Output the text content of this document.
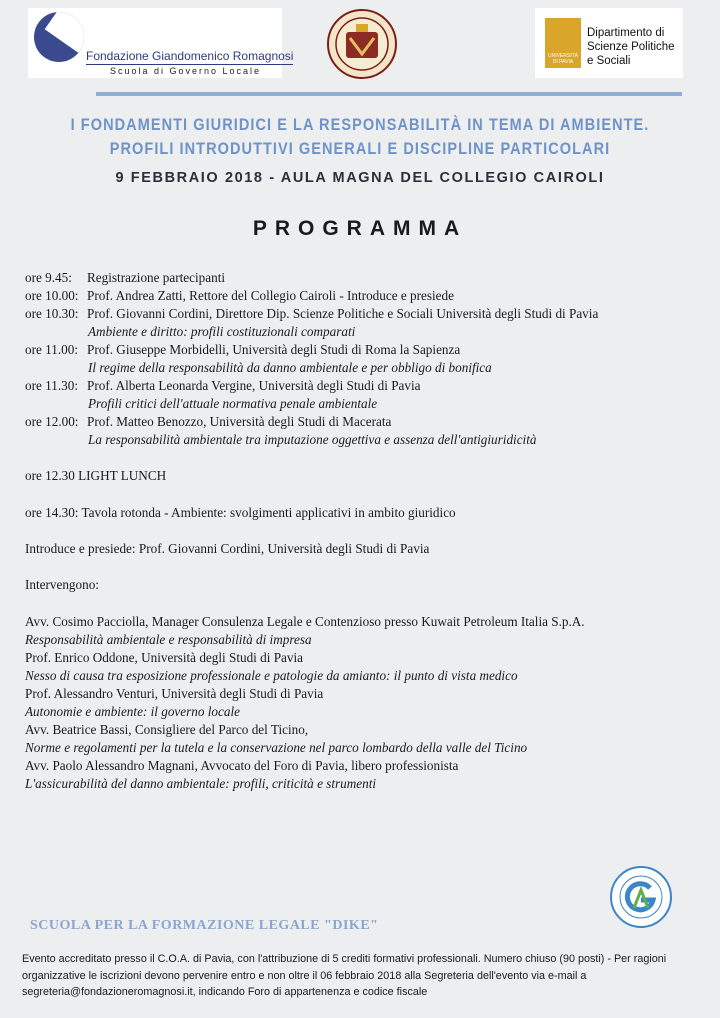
Fondazione Giandomenico Romagnosi
Scuola di Governo Locale
UNIVERSITÀ DI PAVIA
Dipartimento di
Scienze Politiche e Sociali
I FONDAMENTI GIURIDICI E LA RESPONSABILITÀ IN TEMA DI AMBIENTE.
PROFILI INTRODUTTIVI GENERALI E DISCIPLINE PARTICOLARI
9 FEBBRAIO 2018 - AULA MAGNA DEL COLLEGIO CAIROLI
PROGRAMMA
ore 9.45: Registrazione partecipanti
ore 10.00: Prof. Andrea Zatti, Rettore del Collegio Cairoli - Introduce e presiede
ore 10.30: Prof. Giovanni Cordini, Direttore Dip. Scienze Politiche e Sociali Università degli Studi di Pavia
Ambiente e diritto: profili costituzionali comparati
ore 11.00: Prof. Giuseppe Morbidelli, Università degli Studi di Roma la Sapienza
Il regime della responsabilità da danno ambientale e per obbligo di bonifica
ore 11.30: Prof. Alberta Leonarda Vergine, Università degli Studi di Pavia
Profili critici dell'attuale normativa penale ambientale
ore 12.00: Prof. Matteo Benozzo, Università degli Studi di Macerata
La responsabilità ambientale tra imputazione oggettiva e assenza dell'antigiuridicità
ore 12.30 LIGHT LUNCH
ore 14.30: Tavola rotonda - Ambiente: svolgimenti applicativi in ambito giuridico
Introduce e presiede: Prof. Giovanni Cordini, Università degli Studi di Pavia
Intervengono:
Avv. Cosimo Pacciolla, Manager Consulenza Legale e Contenzioso presso Kuwait Petroleum Italia S.p.A.
Responsabilità ambientale e responsabilità di impresa
Prof. Enrico Oddone, Università degli Studi di Pavia
Nesso di causa tra esposizione professionale e patologie da amianto: il punto di vista medico
Prof. Alessandro Venturi, Università degli Studi di Pavia
Autonomie e ambiente: il governo locale
Avv. Beatrice Bassi, Consigliere del Parco del Ticino,
Norme e regolamenti per la tutela e la conservazione nel parco lombardo della valle del Ticino
Avv. Paolo Alessandro Magnani, Avvocato del Foro di Pavia, libero professionista
L'assicurabilità del danno ambientale: profili, criticità e strumenti
SCUOLA PER LA FORMAZIONE LEGALE "DIKE"
Evento accreditato presso il C.O.A. di Pavia, con l'attribuzione di 5 crediti formativi professionali. Numero chiuso (90 posti) - Per ragioni organizzative le iscrizioni devono pervenire entro e non oltre il 06 febbraio 2018 alla Segreteria dell'evento via e-mail a segreteria@fondazioneromagnosi.it, indicando Foro di appartenenza e codice fiscale
